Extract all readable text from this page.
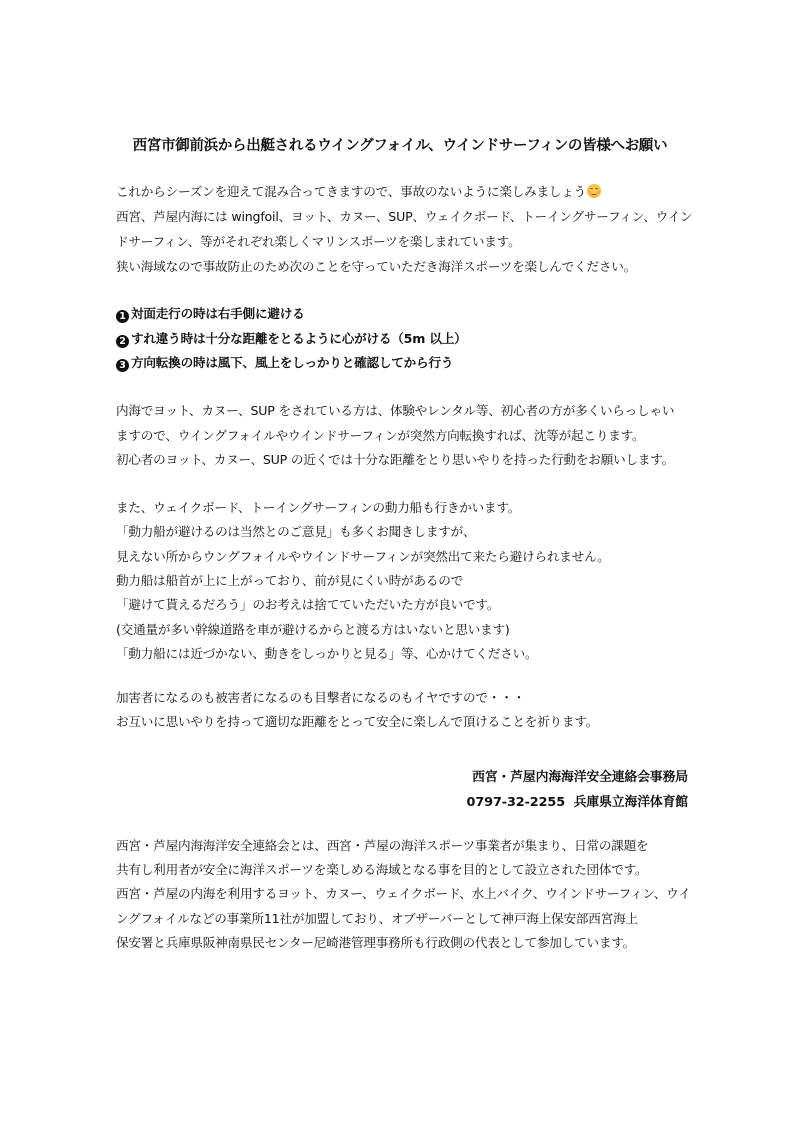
西宮市御前浜から出艇されるウイングフォイル、ウインドサーフィンの皆様へお願い
これからシーズンを迎えて混み合ってきますので、事故のないように楽しみましょう
西宮、芦屋内海には wingfoil、ヨット、カヌー、SUP、ウェイクボード、トーイングサーフィン、ウイン
ドサーフィン、等がそれぞれ楽しくマリンスポーツを楽しまれています。
狭い海域なので事故防止のため次のことを守っていただき海洋スポーツを楽しんでください。
1 対面走行の時は右手側に避ける
2 すれ違う時は十分な距離をとるように心がける（5m 以上）
3 方向転換の時は風下、風上をしっかりと確認してから行う
内海でヨット、カヌー、SUP をされている方は、体験やレンタル等、初心者の方が多くいらっしゃい
ますので、ウイングフォイルやウインドサーフィンが突然方向転換すれば、沈等が起こります。
初心者のヨット、カヌー、SUP の近くでは十分な距離をとり思いやりを持った行動をお願いします。
また、ウェイクボード、トーイングサーフィンの動力船も行きかいます。
「動力船が避けるのは当然とのご意見」も多くお聞きしますが、
見えない所からウングフォイルやウインドサーフィンが突然出て来たら避けられません。
動力船は船首が上に上がっており、前が見にくい時があるので
「避けて貰えるだろう」のお考えは捨てていただいた方が良いです。
(交通量が多い幹線道路を車が避けるからと渡る方はいないと思います)
「動力船には近づかない、動きをしっかりと見る」等、心かけてください。
加害者になるのも被害者になるのも目撃者になるのもイヤですので・・・
お互いに思いやりを持って適切な距離をとって安全に楽しんで頂けることを祈ります。
西宮・芦屋内海海洋安全連絡会事務局
0797-32-2255 兵庫県立海洋体育館
西宮・芦屋内海海洋安全連絡会とは、西宮・芦屋の海洋スポーツ事業者が集まり、日常の課題を
共有し利用者が安全に海洋スポーツを楽しめる海域となる事を目的として設立された団体です。
西宮・芦屋の内海を利用するヨット、カヌー、ウェイクボード、水上バイク、ウインドサーフィン、ウイ
ングフォイルなどの事業所11社が加盟しており、オブザーバーとして神戸海上保安部西宮海上
保安署と兵庫県阪神南県民センター尼崎港管理事務所も行政側の代表として参加しています。
